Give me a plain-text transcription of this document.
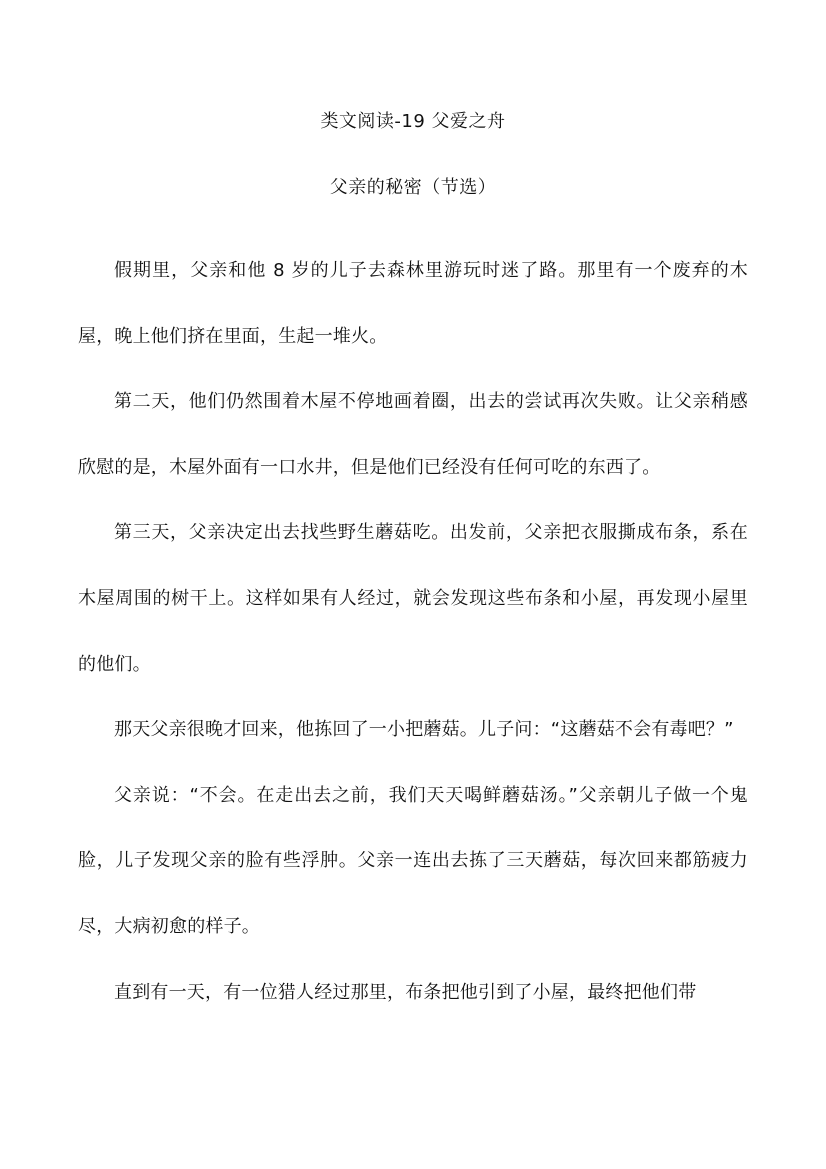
类文阅读-19 父爱之舟
父亲的秘密（节选）

假期里，父亲和他 8 岁的儿子去森林里游玩时迷了路。那里有一个废弃的木屋，晚上他们挤在里面，生起一堆火。

第二天，他们仍然围着木屋不停地画着圈，出去的尝试再次失败。让父亲稍感欣慰的是，木屋外面有一口水井，但是他们已经没有任何可吃的东西了。

第三天，父亲决定出去找些野生蘑菇吃。出发前，父亲把衣服撕成布条，系在木屋周围的树干上。这样如果有人经过，就会发现这些布条和小屋，再发现小屋里的他们。

那天父亲很晚才回来，他拣回了一小把蘑菇。儿子问：“这蘑菇不会有毒吧？”

父亲说：“不会。在走出去之前，我们天天喝鲜蘑菇汤。”父亲朝儿子做一个鬼脸，儿子发现父亲的脸有些浮肿。父亲一连出去拣了三天蘑菇，每次回来都筋疲力尽，大病初愈的样子。

直到有一天，有一位猎人经过那里，布条把他引到了小屋，最终把他们带
